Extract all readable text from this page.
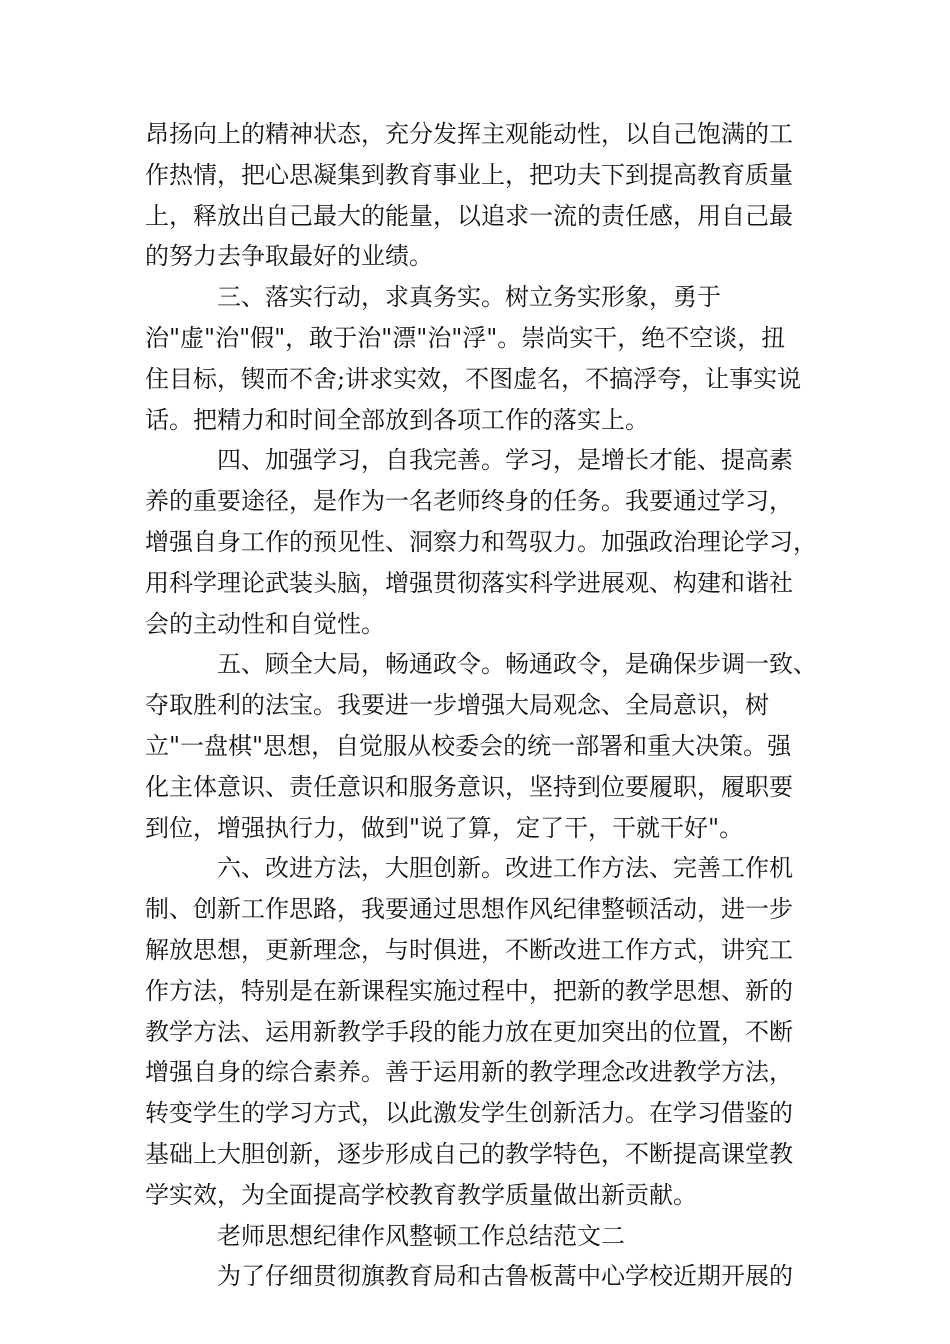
昂扬向上的精神状态，充分发挥主观能动性，以自己饱满的工
作热情，把心思凝集到教育事业上，把功夫下到提高教育质量
上，释放出自己最大的能量，以追求一流的责任感，用自己最
的努力去争取最好的业绩。
三、落实行动，求真务实。树立务实形象，勇于
治"虚"治"假"，敢于治"漂"治"浮"。崇尚实干，绝不空谈，扭
住目标，锲而不舍;讲求实效，不图虚名，不搞浮夸，让事实说
话。把精力和时间全部放到各项工作的落实上。
四、加强学习，自我完善。学习，是增长才能、提高素
养的重要途径，是作为一名老师终身的任务。我要通过学习，
增强自身工作的预见性、洞察力和驾驭力。加强政治理论学习，
用科学理论武装头脑，增强贯彻落实科学进展观、构建和谐社
会的主动性和自觉性。
五、顾全大局，畅通政令。畅通政令，是确保步调一致、
夺取胜利的法宝。我要进一步增强大局观念、全局意识，树
立"一盘棋"思想，自觉服从校委会的统一部署和重大决策。强
化主体意识、责任意识和服务意识，坚持到位要履职，履职要
到位，增强执行力，做到"说了算，定了干，干就干好"。
六、改进方法，大胆创新。改进工作方法、完善工作机
制、创新工作思路，我要通过思想作风纪律整顿活动，进一步
解放思想，更新理念，与时俱进，不断改进工作方式，讲究工
作方法，特别是在新课程实施过程中，把新的教学思想、新的
教学方法、运用新教学手段的能力放在更加突出的位置，不断
增强自身的综合素养。善于运用新的教学理念改进教学方法，
转变学生的学习方式，以此激发学生创新活力。在学习借鉴的
基础上大胆创新，逐步形成自己的教学特色，不断提高课堂教
学实效，为全面提高学校教育教学质量做出新贡献。
老师思想纪律作风整顿工作总结范文二
为了仔细贯彻旗教育局和古鲁板蒿中心学校近期开展的
